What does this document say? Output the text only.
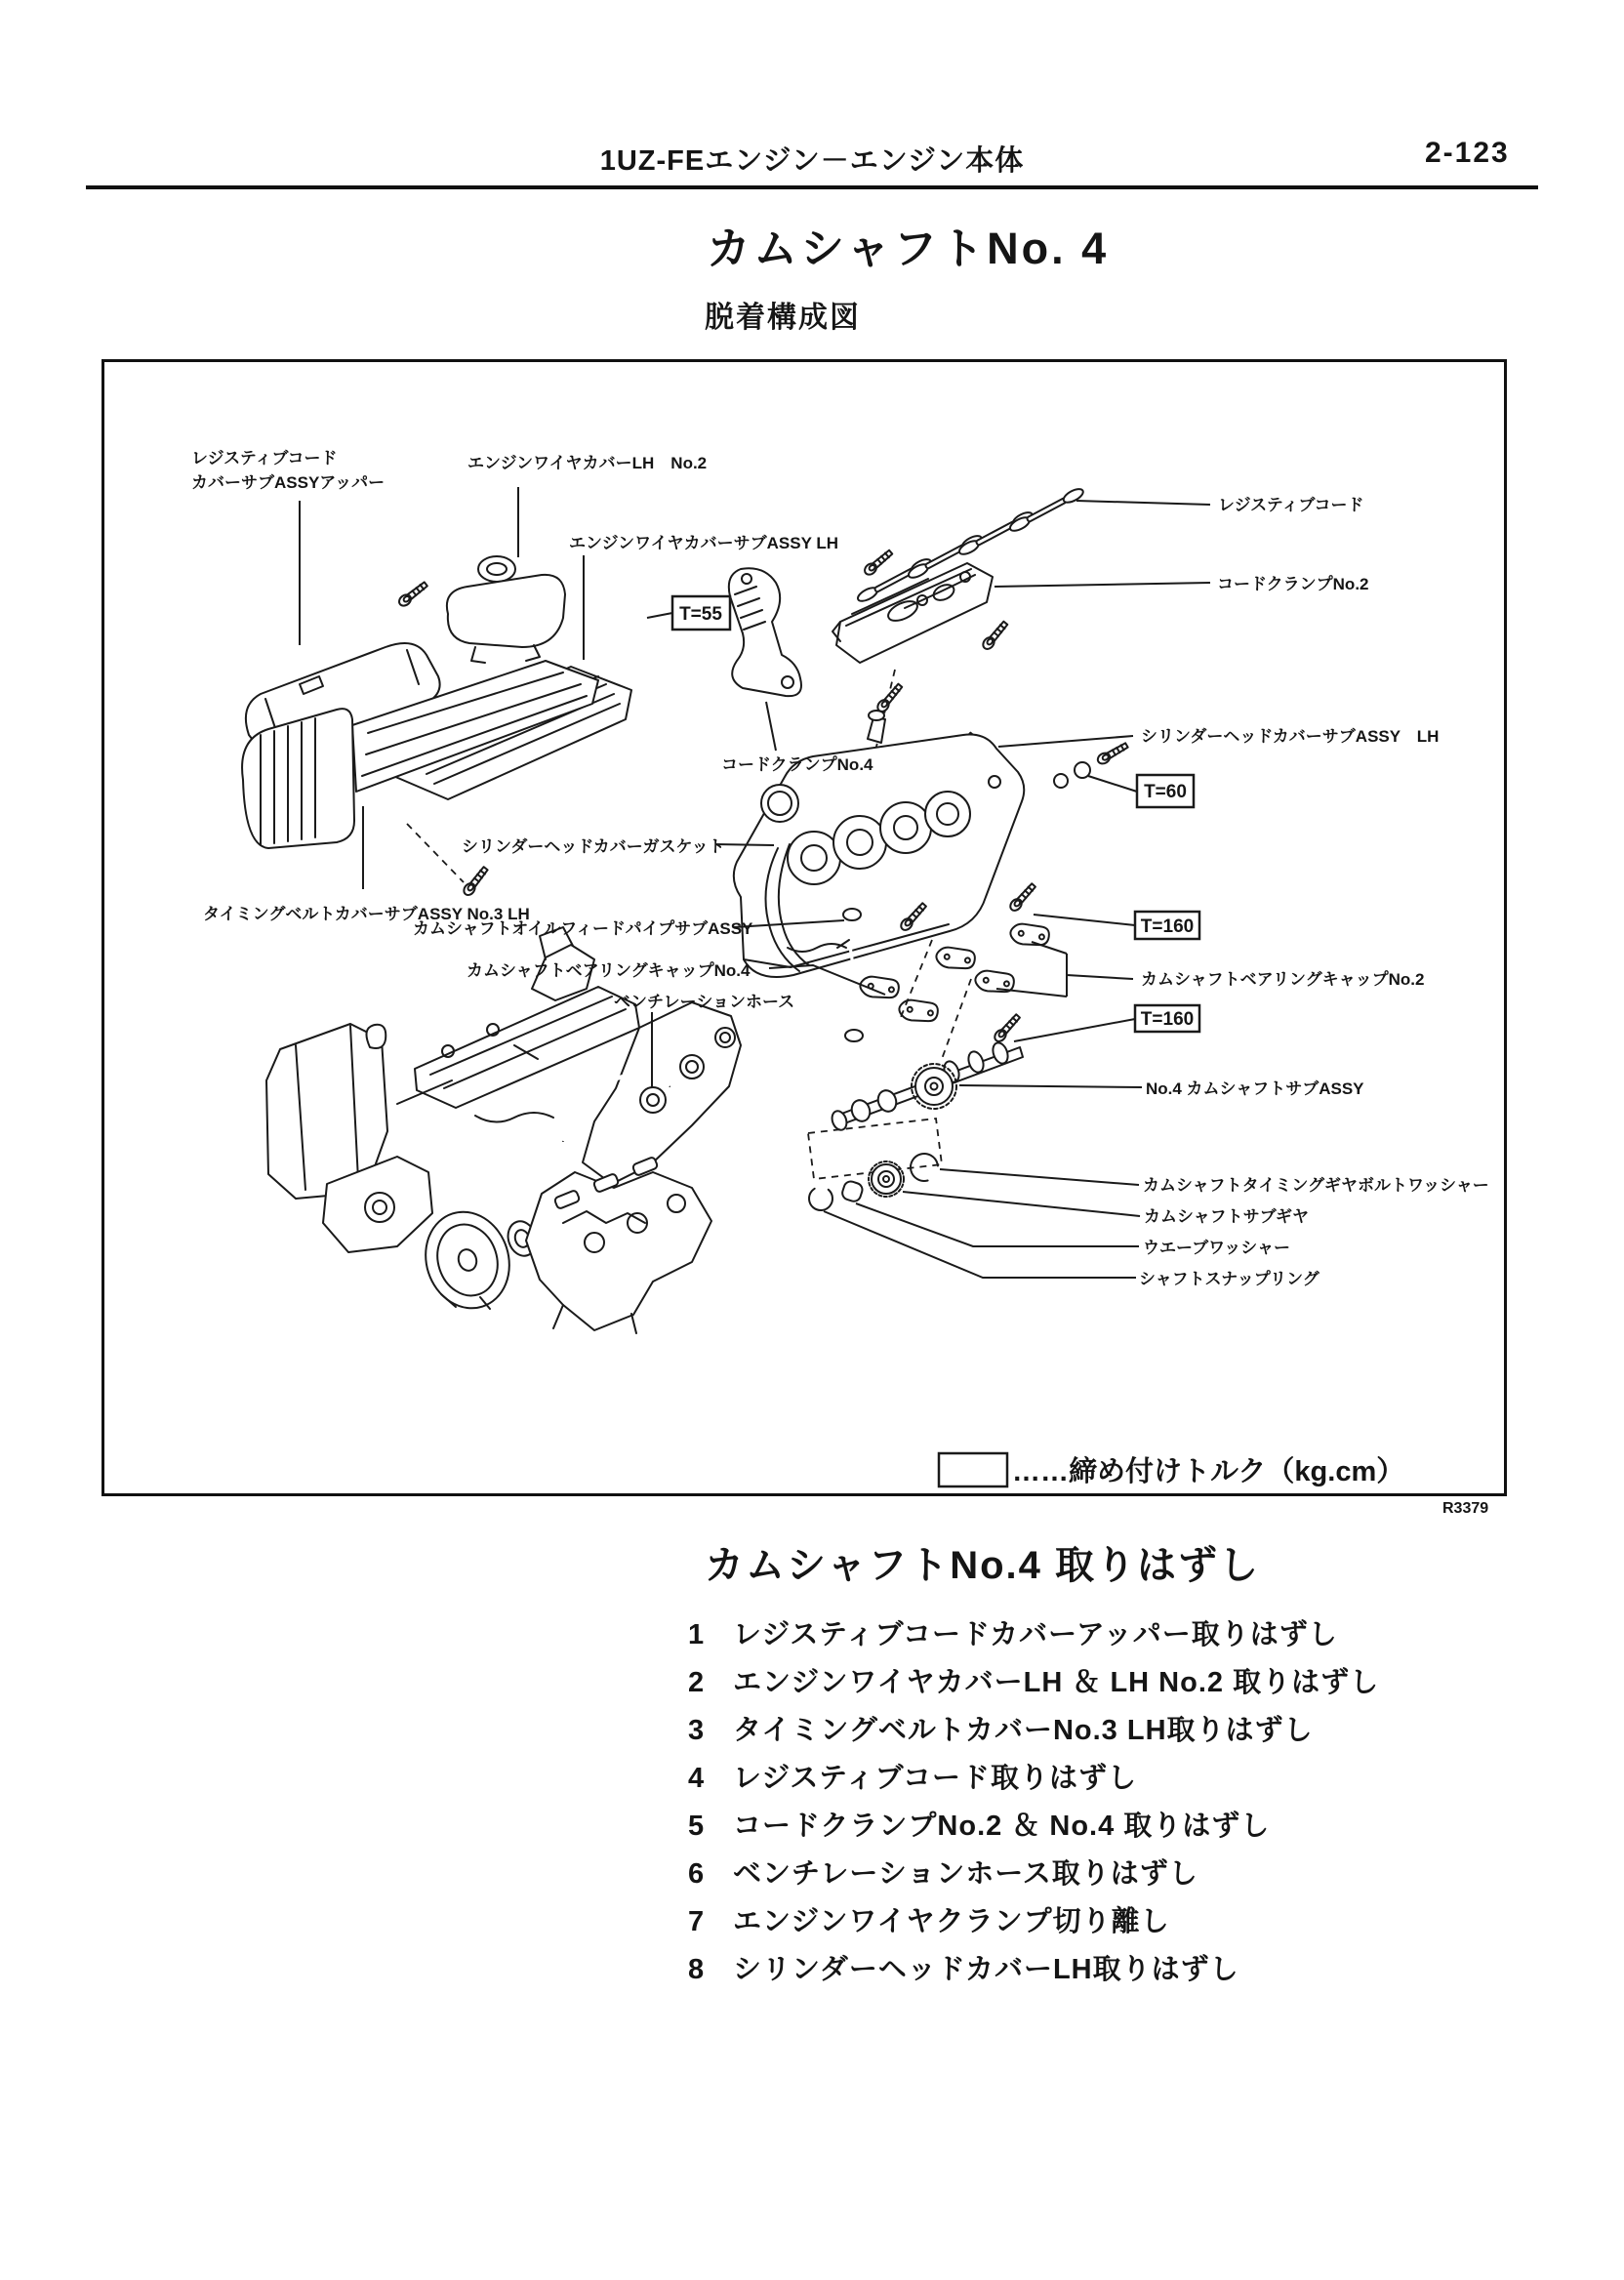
1UZ-FEエンジン－エンジン本体	2-123
カムシャフトNo. 4
脱着構成図
T=55
T=60
T=160
T=160
レジスティブコード
カバーサブASSYアッパー
エンジンワイヤカバーLH　No.2
エンジンワイヤカバーサブASSY LH
レジスティブコード
コードクランプNo.2
コードクランプNo.4
シリンダーヘッドカバーサブASSY　LH
シリンダーヘッドカバーガスケット
タイミングベルトカバーサブASSY No.3 LH
カムシャフトオイルフィードパイプサブASSY
カムシャフトベアリングキャップNo.4
ベンチレーションホース
カムシャフトベアリングキャップNo.2
No.4 カムシャフトサブASSY
カムシャフトタイミングギヤボルトワッシャー
カムシャフトサブギヤ
ウエーブワッシャー
シャフトスナップリング
……締め付けトルク（kg.cm）
R3379
カムシャフトNo.4 取りはずし
1	レジスティブコードカバーアッパー取りはずし
2	エンジンワイヤカバーLH ＆ LH No.2 取りはずし
3	タイミングベルトカバーNo.3 LH取りはずし
4	レジスティブコード取りはずし
5	コードクランプNo.2 ＆ No.4 取りはずし
6	ベンチレーションホース取りはずし
7	エンジンワイヤクランプ切り離し
8	シリンダーヘッドカバーLH取りはずし
